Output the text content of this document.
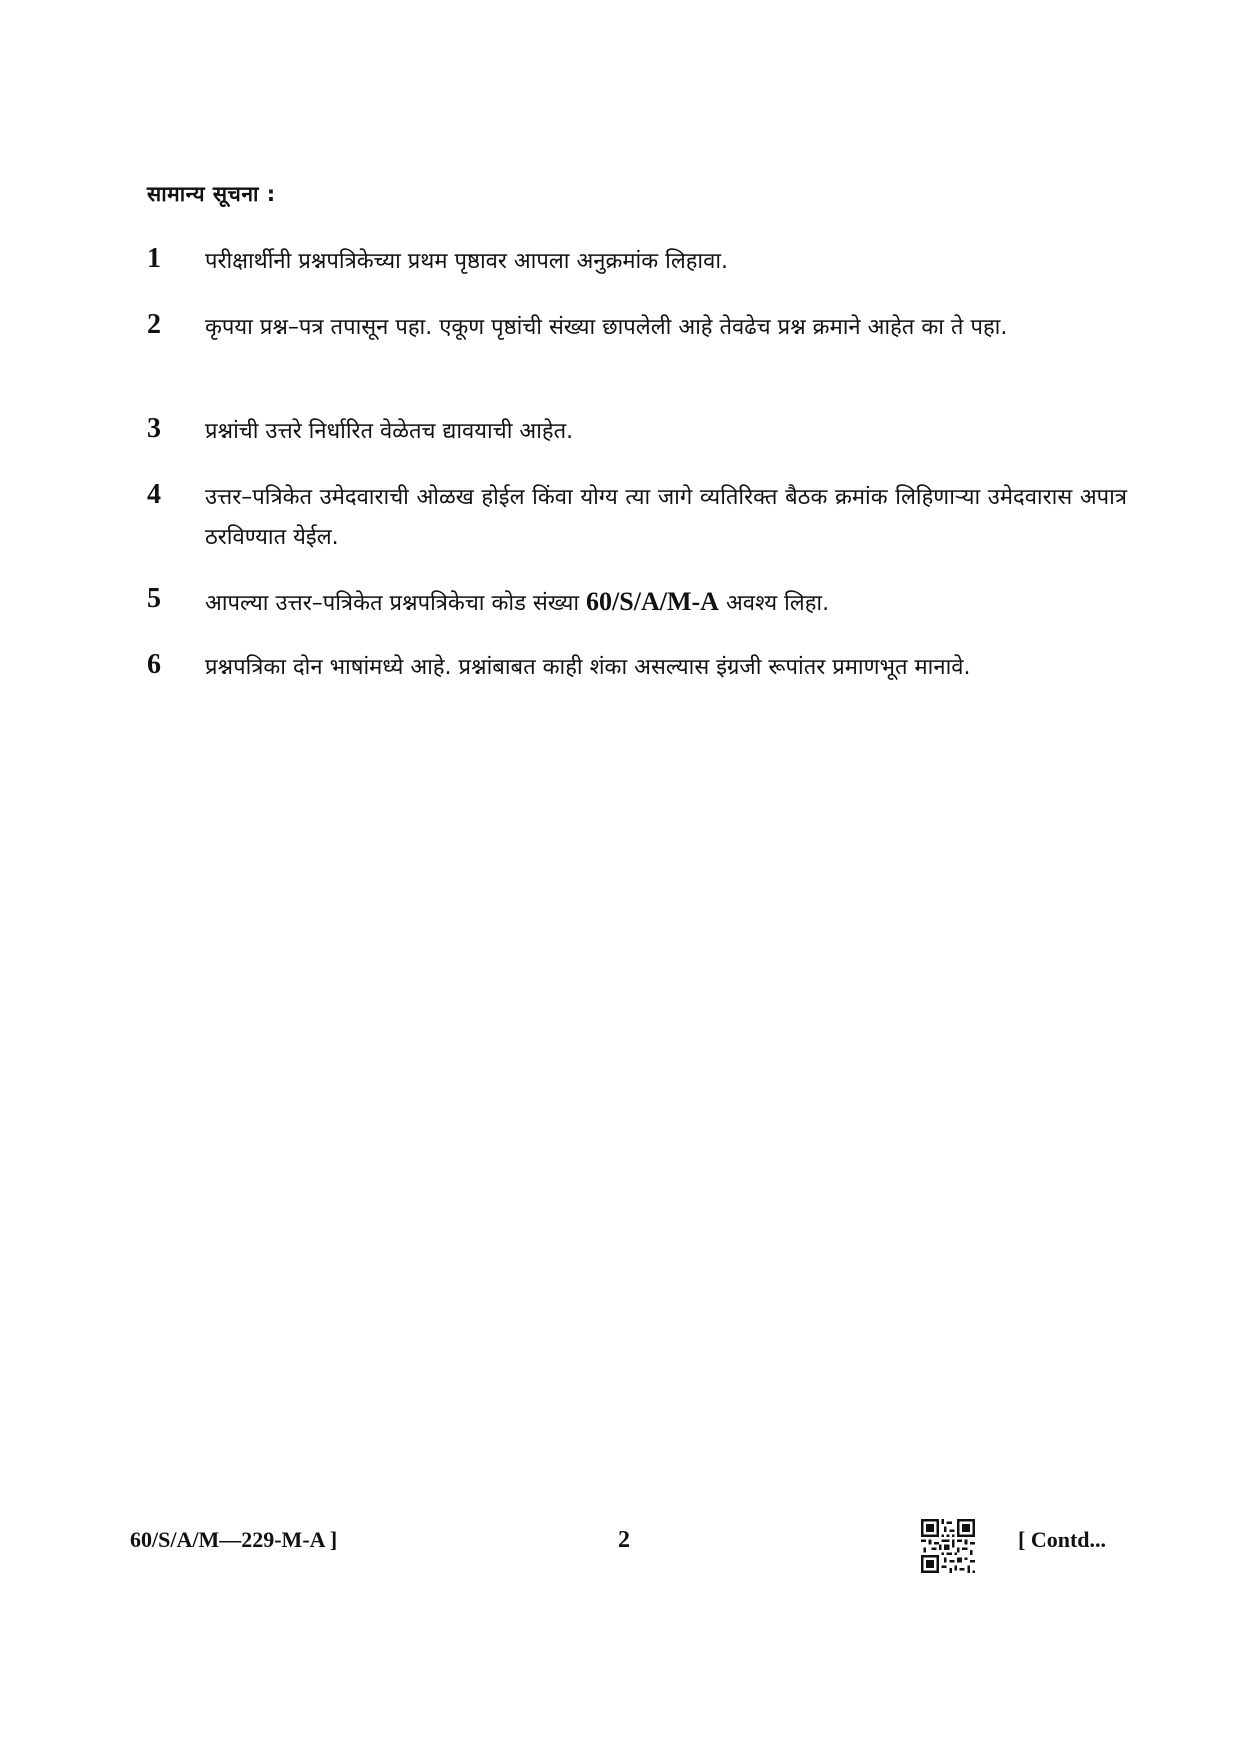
सामान्य सूचना :
1	परीक्षार्थीनी प्रश्नपत्रिकेच्या प्रथम पृष्ठावर आपला अनुक्रमांक लिहावा.
2	कृपया प्रश्न–पत्र तपासून पहा. एकूण पृष्ठांची संख्या छापलेली आहे तेवढेच प्रश्न क्रमाने आहेत का ते पहा.
3	प्रश्नांची उत्तरे निर्धारित वेळेतच द्यावयाची आहेत.
4	उत्तर–पत्रिकेत उमेदवाराची ओळख होईल किंवा योग्य त्या जागे व्यतिरिक्त बैठक क्रमांक लिहिणाऱ्या उमेदवारास अपात्र ठरविण्यात येईल.
5	आपल्या उत्तर–पत्रिकेत प्रश्नपत्रिकेचा कोड संख्या 60/S/A/M-A अवश्य लिहा.
6	प्रश्नपत्रिका दोन भाषांमध्ये आहे. प्रश्नांबाबत काही शंका असल्यास इंग्रजी रूपांतर प्रमाणभूत मानावे.
60/S/A/M—229-M-A ]	2	[ Contd...
